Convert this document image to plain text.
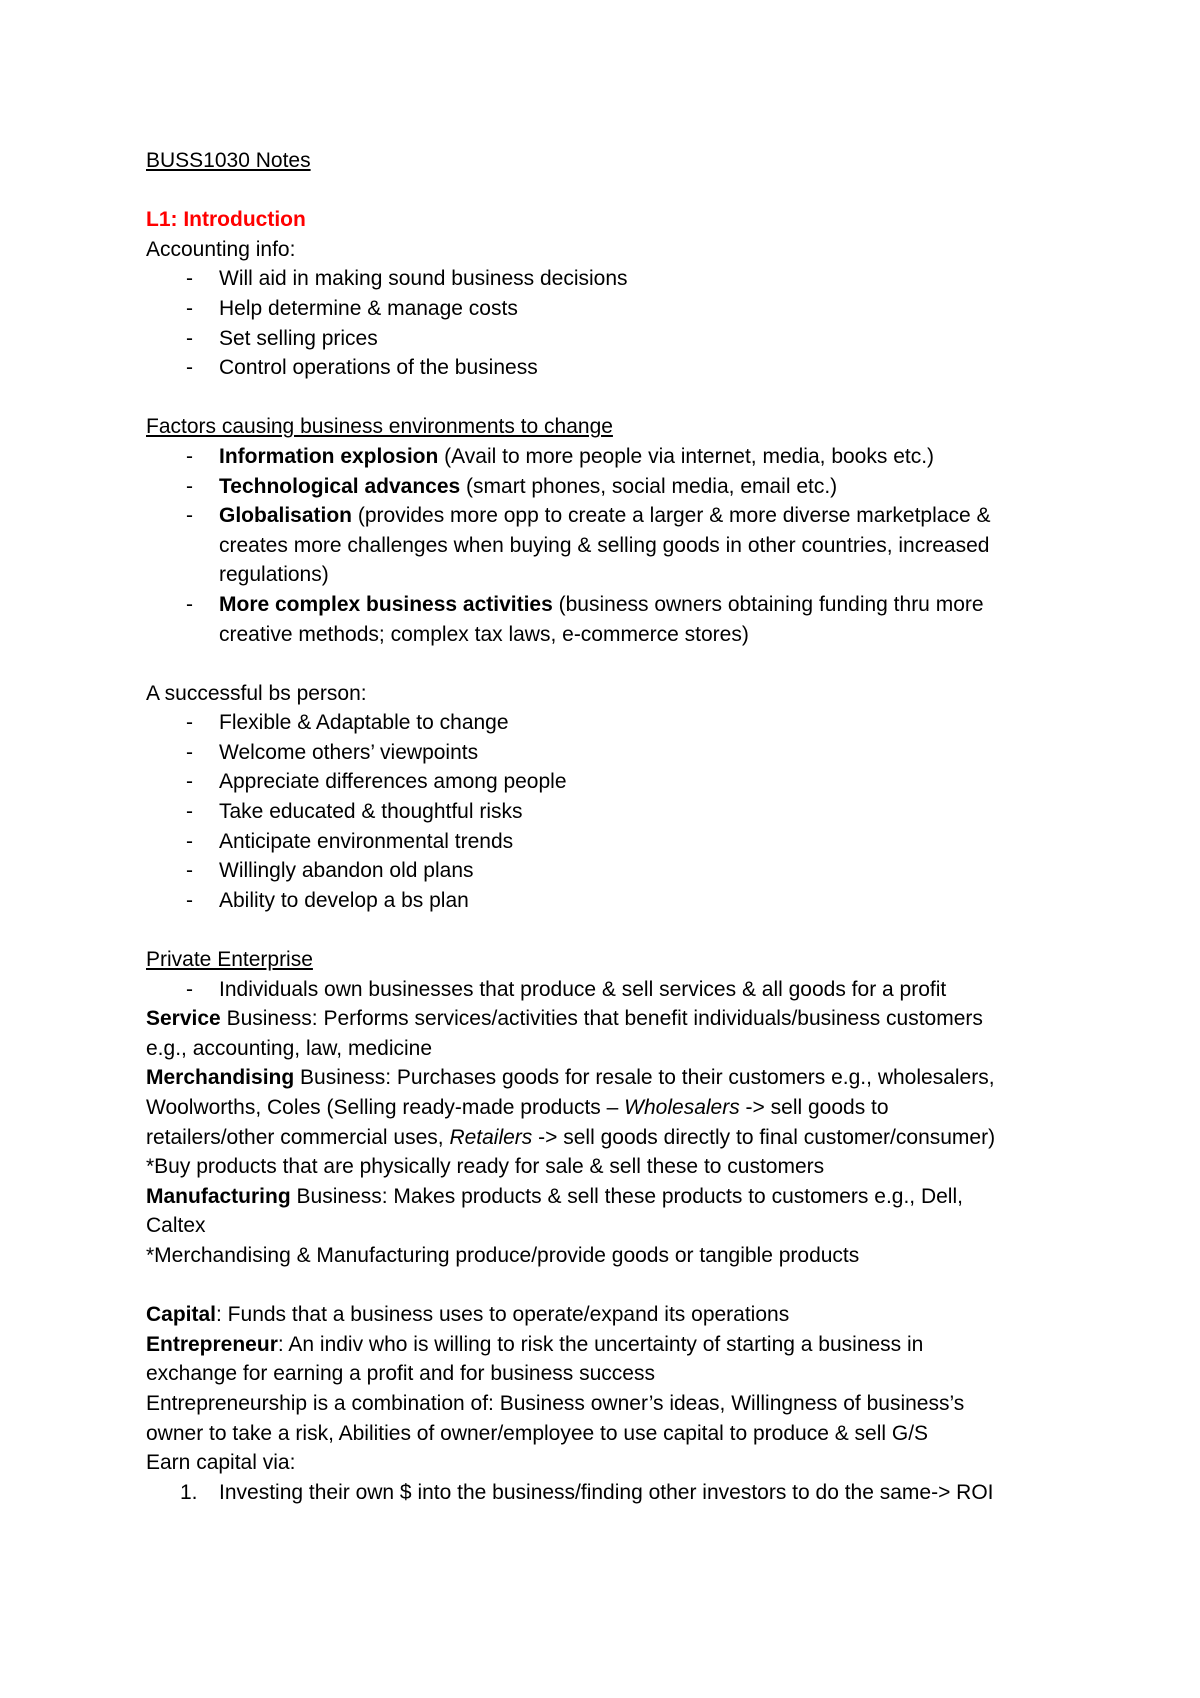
BUSS1030 Notes

L1: Introduction

Accounting info:

- Will aid in making sound business decisions

- Help determine & manage costs

- Set selling prices

- Control operations of the business

Factors causing business environments to change

- Information explosion (Avail to more people via internet, media, books etc.)

- Technological advances (smart phones, social media, email etc.)

- Globalisation (provides more opp to create a larger & more diverse marketplace &

creates more challenges when buying & selling goods in other countries, increased

regulations)

- More complex business activities (business owners obtaining funding thru more

creative methods; complex tax laws, e-commerce stores)

A successful bs person:

- Flexible & Adaptable to change

- Welcome others’ viewpoints

- Appreciate differences among people

- Take educated & thoughtful risks

- Anticipate environmental trends

- Willingly abandon old plans

- Ability to develop a bs plan

Private Enterprise

- Individuals own businesses that produce & sell services & all goods for a profit

Service Business: Performs services/activities that benefit individuals/business customers

e.g., accounting, law, medicine

Merchandising Business: Purchases goods for resale to their customers e.g., wholesalers,

Woolworths, Coles (Selling ready-made products – Wholesalers -> sell goods to

retailers/other commercial uses, Retailers -> sell goods directly to final customer/consumer)

*Buy products that are physically ready for sale & sell these to customers

Manufacturing Business: Makes products & sell these products to customers e.g., Dell,

Caltex

*Merchandising & Manufacturing produce/provide goods or tangible products

Capital: Funds that a business uses to operate/expand its operations

Entrepreneur: An indiv who is willing to risk the uncertainty of starting a business in

exchange for earning a profit and for business success

Entrepreneurship is a combination of: Business owner’s ideas, Willingness of business’s

owner to take a risk, Abilities of owner/employee to use capital to produce & sell G/S

Earn capital via:

1. Investing their own $ into the business/finding other investors to do the same-> ROI
